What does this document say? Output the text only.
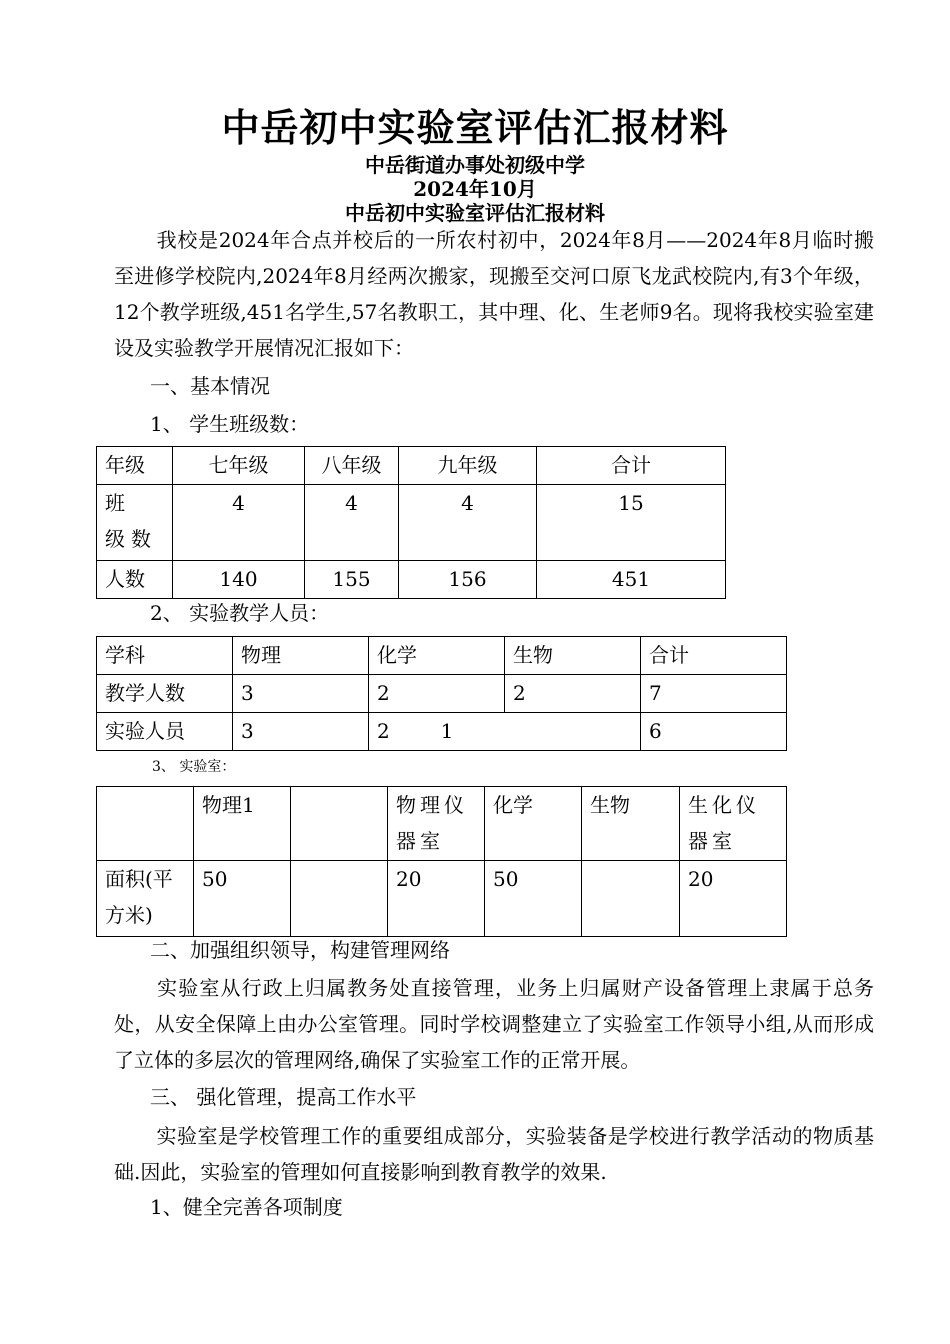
中岳初中实验室评估汇报材料
中岳街道办事处初级中学
2024年10月
中岳初中实验室评估汇报材料

我校是2024年合点并校后的一所农村初中，2024年8月——2024年8月临时搬至进修学校院内,2024年8月经两次搬家，现搬至交河口原飞龙武校院内,有3个年级，12个教学班级,451名学生,57名教职工，其中理、化、生老师9名。现将我校实验室建设及实验教学开展情况汇报如下：

一、基本情况
1、 学生班级数：
年级	七年级	八年级	九年级	合计
班 级数	4	4	4	15
人数	140	155	156	451
2、 实验教学人员：
学科	物理	化学	生物	合计
教学人数	3	2	2	7
实验人员	3	2        1		6
3、 实验室：
	物理1		物理仪器室	化学	生物	生化仪器室
面积(平方米)	50		20	50		20
二、加强组织领导，构建管理网络

实验室从行政上归属教务处直接管理，业务上归属财产设备管理上隶属于总务处，从安全保障上由办公室管理。同时学校调整建立了实验室工作领导小组,从而形成了立体的多层次的管理网络,确保了实验室工作的正常开展。

三、 强化管理，提高工作水平

实验室是学校管理工作的重要组成部分，实验装备是学校进行教学活动的物质基础.因此，实验室的管理如何直接影响到教育教学的效果.

1、健全完善各项制度
